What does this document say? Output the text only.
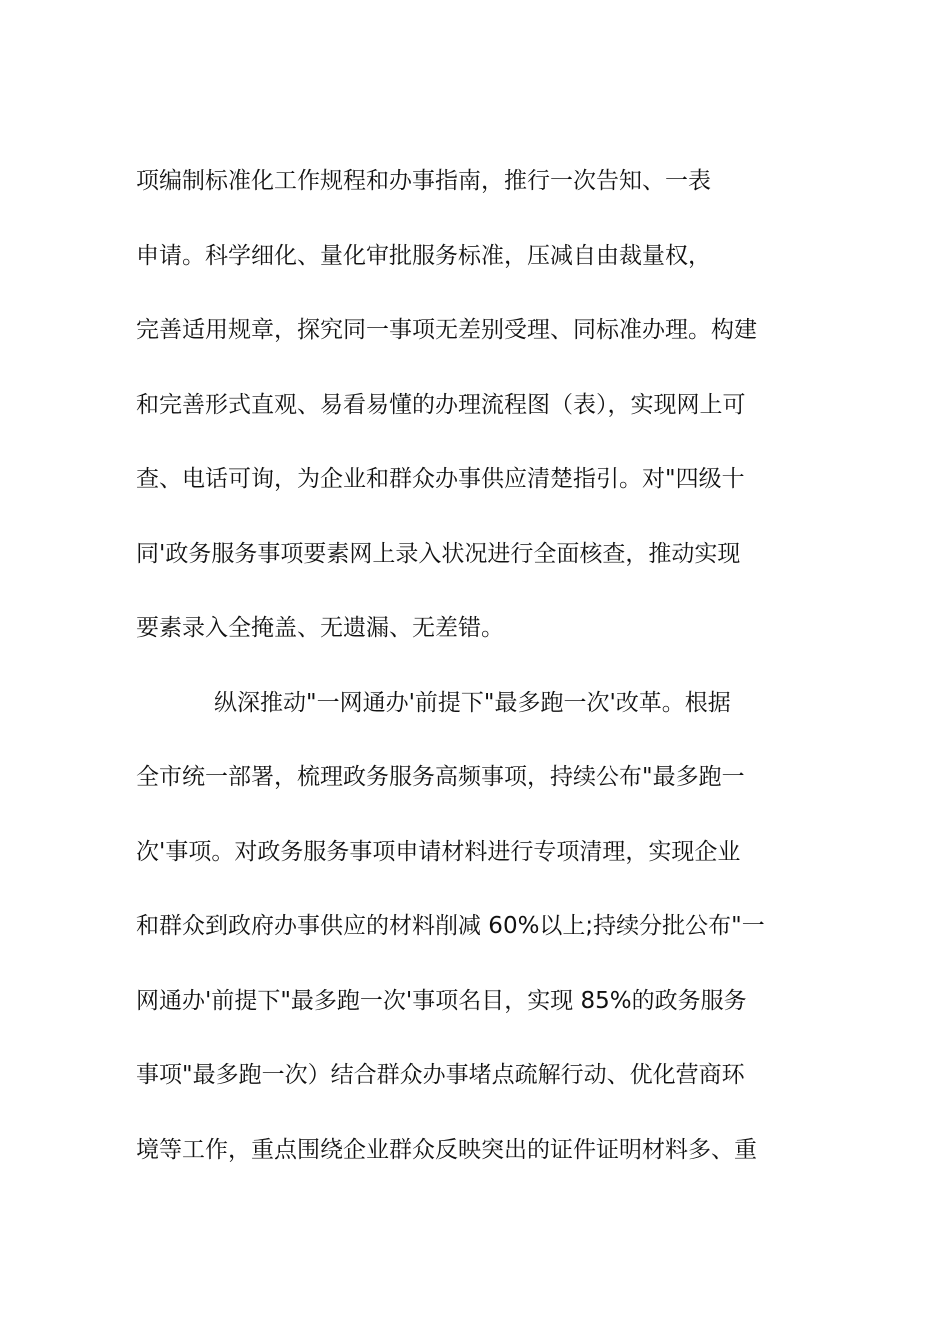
项编制标准化工作规程和办事指南，推行一次告知、一表
申请。科学细化、量化审批服务标准，压减自由裁量权，
完善适用规章，探究同一事项无差别受理、同标准办理。构建
和完善形式直观、易看易懂的办理流程图（表），实现网上可
查、电话可询，为企业和群众办事供应清楚指引。对"四级十
同'政务服务事项要素网上录入状况进行全面核查，推动实现
要素录入全掩盖、无遗漏、无差错。
纵深推动"一网通办'前提下"最多跑一次'改革。根据
全市统一部署，梳理政务服务高频事项，持续公布"最多跑一
次'事项。对政务服务事项申请材料进行专项清理，实现企业
和群众到政府办事供应的材料削减 60%以上;持续分批公布"一
网通办'前提下"最多跑一次'事项名目，实现 85%的政务服务
事项"最多跑一次）结合群众办事堵点疏解行动、优化营商环
境等工作，重点围绕企业群众反映突出的证件证明材料多、重
